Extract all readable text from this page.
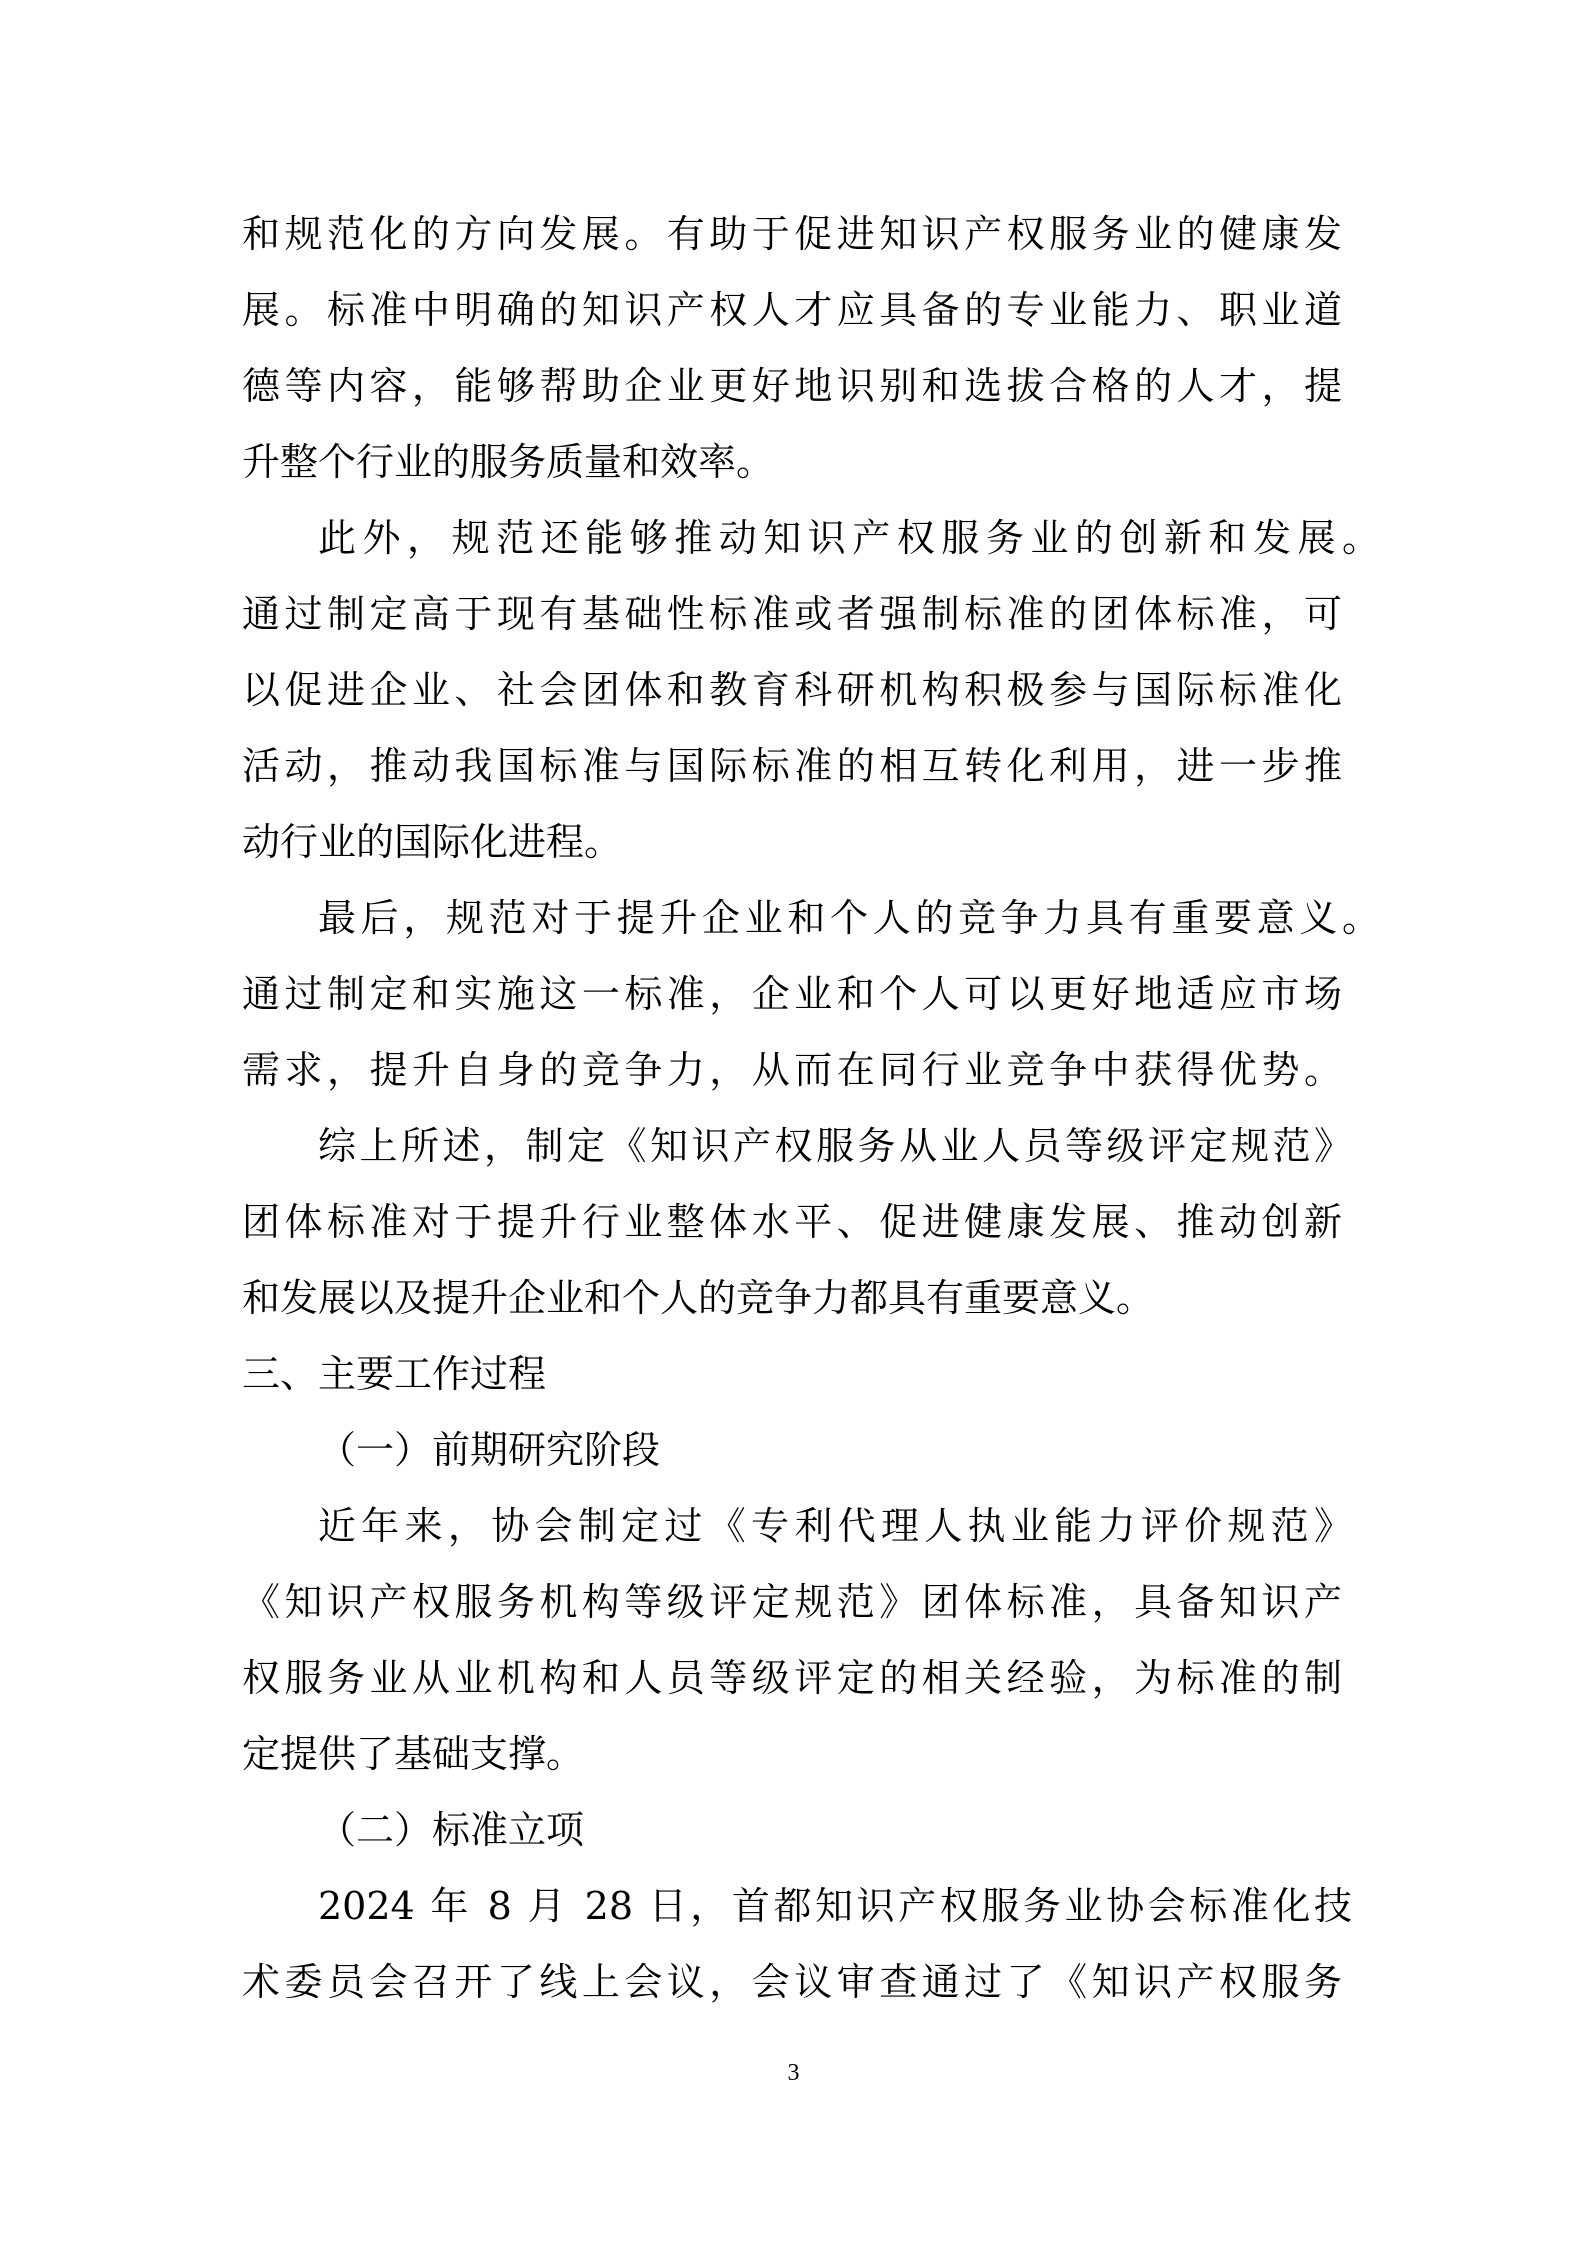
和规范化的方向发展。有助于促进知识产权服务业的健康发
展。标准中明确的知识产权人才应具备的专业能力、职业道
德等内容，能够帮助企业更好地识别和选拔合格的人才，提
升整个行业的服务质量和效率。
此外，规范还能够推动知识产权服务业的创新和发展。
通过制定高于现有基础性标准或者强制标准的团体标准，可
以促进企业、社会团体和教育科研机构积极参与国际标准化
活动，推动我国标准与国际标准的相互转化利用，进一步推
动行业的国际化进程。
最后，规范对于提升企业和个人的竞争力具有重要意义。
通过制定和实施这一标准，企业和个人可以更好地适应市场
需求，提升自身的竞争力，从而在同行业竞争中获得优势。
综上所述，制定《知识产权服务从业人员等级评定规范》
团体标准对于提升行业整体水平、促进健康发展、推动创新
和发展以及提升企业和个人的竞争力都具有重要意义。
三、主要工作过程
（一）前期研究阶段
近年来，协会制定过《专利代理人执业能力评价规范》
《知识产权服务机构等级评定规范》团体标准，具备知识产
权服务业从业机构和人员等级评定的相关经验，为标准的制
定提供了基础支撑。
（二）标准立项
2024 年 8 月 28 日，首都知识产权服务业协会标准化技
术委员会召开了线上会议，会议审查通过了《知识产权服务
3
